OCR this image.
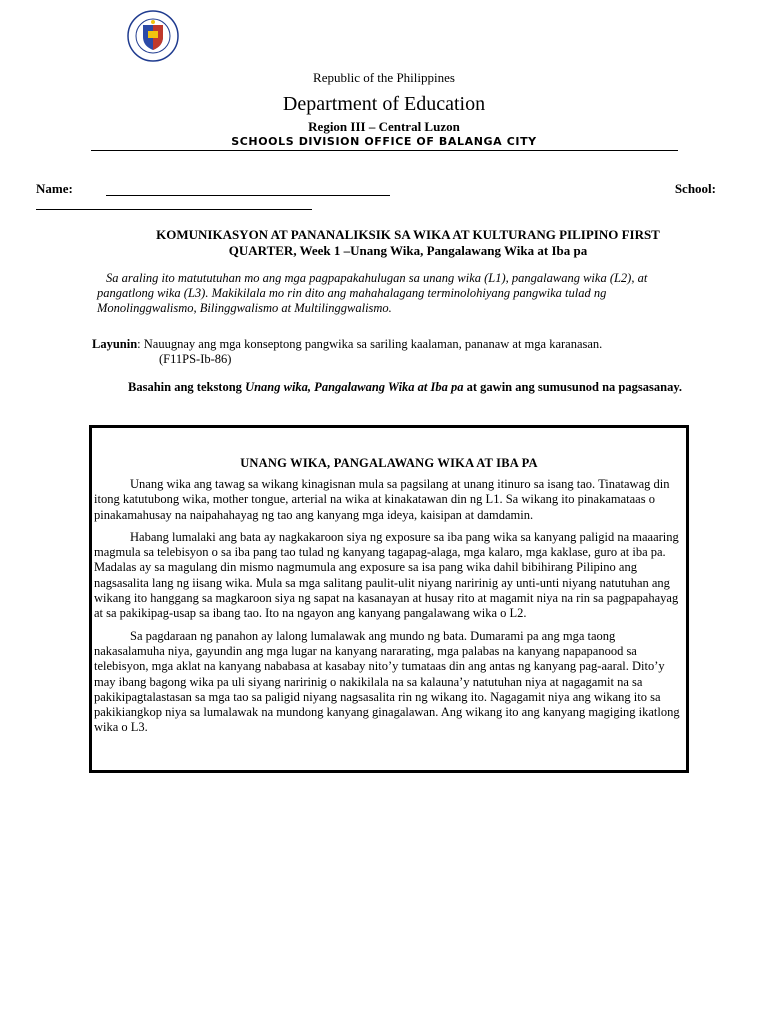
Republic of the Philippines
Department of Education
Region III – Central Luzon
SCHOOLS DIVISION OFFICE OF BALANGA CITY
Name:	School:
KOMUNIKASYON AT PANANALIKSIK SA WIKA AT KULTURANG PILIPINO FIRST
QUARTER, Week 1 –Unang Wika, Pangalawang Wika at Iba pa
Sa araling ito matututuhan mo ang mga pagpapakahulugan sa unang wika (L1), pangalawang wika (L2), at pangatlong wika (L3). Makikilala mo rin dito ang mahahalagang terminolohiyang pangwika tulad ng Monolinggwalismo, Bilinggwalismo at Multilinggwalismo.
Layunin: Nauugnay ang mga konseptong pangwika sa sariling kaalaman, pananaw at mga karanasan.
(F11PS-Ib-86)
Basahin ang tekstong Unang wika, Pangalawang Wika at Iba pa at gawin ang sumusunod na pagsasanay.
UNANG WIKA, PANGALAWANG WIKA AT IBA PA

Unang wika ang tawag sa wikang kinagisnan mula sa pagsilang at unang itinuro sa isang tao. Tinatawag din itong katutubong wika, mother tongue, arterial na wika at kinakatawan din ng L1. Sa wikang ito pinakamataas o pinakamahusay na naipahahayag ng tao ang kanyang mga ideya, kaisipan at damdamin.

Habang lumalaki ang bata ay nagkakaroon siya ng exposure sa iba pang wika sa kanyang paligid na maaaring magmula sa telebisyon o sa iba pang tao tulad ng kanyang tagapag-alaga, mga kalaro, mga kaklase, guro at iba pa. Madalas ay sa magulang din mismo nagmumula ang exposure sa isa pang wika dahil bibihirang Pilipino ang nagsasalita lang ng iisang wika. Mula sa mga salitang paulit-ulit niyang naririnig ay unti-unti niyang natutuhan ang wikang ito hanggang sa magkaroon siya ng sapat na kasanayan at husay rito at magamit niya na rin sa pagpapahayag at sa pakikipag-usap sa ibang tao. Ito na ngayon ang kanyang pangalawang wika o L2.

Sa pagdaraan ng panahon ay lalong lumalawak ang mundo ng bata. Dumarami pa ang mga taong nakasalamuha niya, gayundin ang mga lugar na kanyang nararating, mga palabas na kanyang napapanood sa telebisyon, mga aklat na kanyang nababasa at kasabay nito’y tumataas din ang antas ng kanyang pag-aaral. Dito’y may ibang bagong wika pa uli siyang naririnig o nakikilala na sa kalauna’y natutuhan niya at nagagamit na sa pakikipagtalastasan sa mga tao sa paligid niyang nagsasalita rin ng wikang ito. Nagagamit niya ang wikang ito sa pakikiangkop niya sa lumalawak na mundong kanyang ginagalawan. Ang wikang ito ang kanyang magiging ikatlong wika o L3.
